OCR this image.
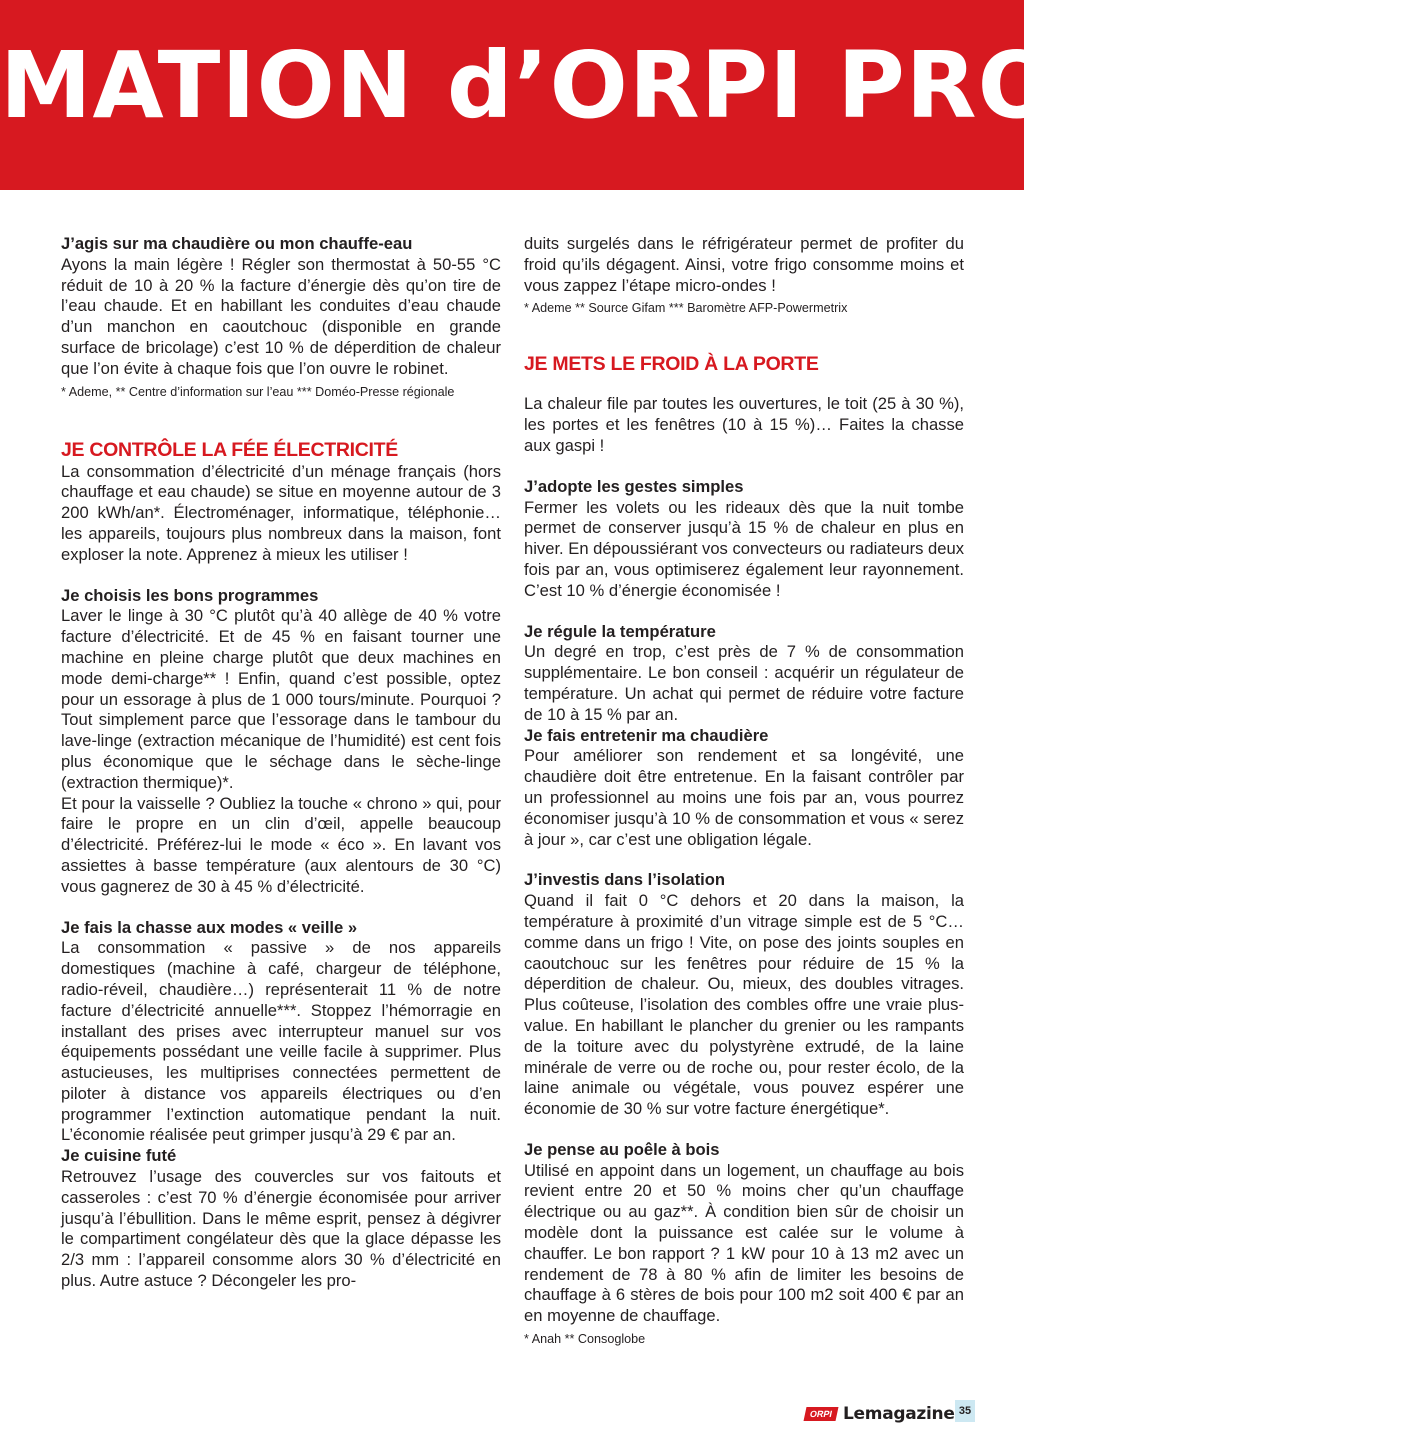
MATION d’ORPI PROVENCE

J’agis sur ma chaudière ou mon chauffe-eau

Ayons la main légère ! Régler son thermostat à 50-55 °C réduit de 10 à 20 % la facture d’énergie dès qu’on tire de l’eau chaude. Et en habillant les conduites d’eau chaude d’un manchon en caoutchouc (disponible en grande surface de bricolage) c’est 10 % de déperdition de chaleur que l’on évite à chaque fois que l’on ouvre le robinet.

* Ademe, ** Centre d’information sur l’eau *** Doméo-Presse régionale

JE CONTRÔLE LA FÉE ÉLECTRICITÉ

La consommation d’électricité d’un ménage français (hors chauffage et eau chaude) se situe en moyenne autour de 3 200 kWh/an*. Électroménager, informatique, téléphonie… les appareils, toujours plus nombreux dans la maison, font exploser la note. Apprenez à mieux les utiliser !

Je choisis les bons programmes

Laver le linge à 30 °C plutôt qu’à 40 allège de 40 % votre facture d’électricité. Et de 45 % en faisant tourner une machine en pleine charge plutôt que deux machines en mode demi-charge** ! Enfin, quand c’est possible, optez pour un essorage à plus de 1 000 tours/minute. Pourquoi ? Tout simplement parce que l’essorage dans le tambour du lave-linge (extraction mécanique de l’humidité) est cent fois plus économique que le séchage dans le sèche-linge (extraction thermique)*.

Et pour la vaisselle ? Oubliez la touche « chrono » qui, pour faire le propre en un clin d’œil, appelle beaucoup d’électricité. Préférez-lui le mode « éco ». En lavant vos assiettes à basse température (aux alentours de 30 °C) vous gagnerez de 30 à 45 % d’électricité.

Je fais la chasse aux modes « veille »

La consommation « passive » de nos appareils domestiques (machine à café, chargeur de téléphone, radio-réveil, chaudière…) représenterait 11 % de notre facture d’électricité annuelle***. Stoppez l’hémorragie en installant des prises avec interrupteur manuel sur vos équipements possédant une veille facile à supprimer. Plus astucieuses, les multiprises connectées permettent de piloter à distance vos appareils électriques ou d’en programmer l’extinction automatique pendant la nuit. L’économie réalisée peut grimper jusqu’à 29 € par an.

Je cuisine futé

Retrouvez l’usage des couvercles sur vos faitouts et casseroles : c’est 70 % d’énergie économisée pour arriver jusqu’à l’ébullition. Dans le même esprit, pensez à dégivrer le compartiment congélateur dès que la glace dépasse les 2/3 mm : l’appareil consomme alors 30 % d’électricité en plus. Autre astuce ? Décongeler les pro-

duits surgelés dans le réfrigérateur permet de profiter du froid qu’ils dégagent. Ainsi, votre frigo consomme moins et vous zappez l’étape micro-ondes !

* Ademe ** Source Gifam *** Baromètre AFP-Powermetrix

JE METS LE FROID À LA PORTE

La chaleur file par toutes les ouvertures, le toit (25 à 30 %), les portes et les fenêtres (10 à 15 %)… Faites la chasse aux gaspi !

J’adopte les gestes simples

Fermer les volets ou les rideaux dès que la nuit tombe permet de conserver jusqu’à 15 % de chaleur en plus en hiver. En dépoussiérant vos convecteurs ou radiateurs deux fois par an, vous optimiserez également leur rayonnement. C’est 10 % d’énergie économisée !

Je régule la température

Un degré en trop, c’est près de 7 % de consommation supplémentaire. Le bon conseil : acquérir un régulateur de température. Un achat qui permet de réduire votre facture de 10 à 15 % par an.

Je fais entretenir ma chaudière

Pour améliorer son rendement et sa longévité, une chaudière doit être entretenue. En la faisant contrôler par un professionnel au moins une fois par an, vous pourrez économiser jusqu’à 10 % de consommation et vous « serez à jour », car c’est une obligation légale.

J’investis dans l’isolation

Quand il fait 0 °C dehors et 20 dans la maison, la température à proximité d’un vitrage simple est de 5 °C… comme dans un frigo ! Vite, on pose des joints souples en caoutchouc sur les fenêtres pour réduire de 15 % la déperdition de chaleur. Ou, mieux, des doubles vitrages. Plus coûteuse, l’isolation des combles offre une vraie plus-value. En habillant le plancher du grenier ou les rampants de la toiture avec du polystyrène extrudé, de la laine minérale de verre ou de roche ou, pour rester écolo, de la laine animale ou végétale, vous pouvez espérer une économie de 30 % sur votre facture énergétique*.

Je pense au poêle à bois

Utilisé en appoint dans un logement, un chauffage au bois revient entre 20 et 50 % moins cher qu’un chauffage électrique ou au gaz**. À condition bien sûr de choisir un modèle dont la puissance est calée sur le volume à chauffer. Le bon rapport ? 1 kW pour 10 à 13 m2 avec un rendement de 78 à 80 % afin de limiter les besoins de chauffage à 6 stères de bois pour 100 m2 soit 400 € par an en moyenne de chauffage.

* Anah ** Consoglobe

ORPI Lemagazine 35
